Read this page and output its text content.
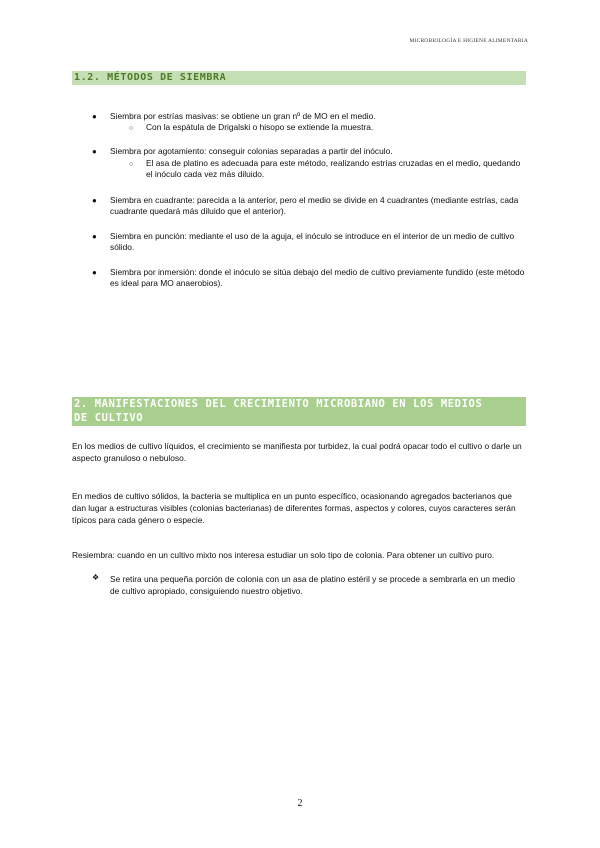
MICROBIOLOGÍA E HIGIENE ALIMENTARIA
1.2. MÉTODOS DE SIEMBRA
● Siembra por estrías masivas: se obtiene un gran nº de MO en el medio.
○ Con la espátula de Drigalski o hisopo se extiende la muestra.
● Siembra por agotamiento: conseguir colonias separadas a partir del inóculo.
○ El asa de platino es adecuada para este método, realizando estrías cruzadas en el medio, quedando el inóculo cada vez más diluido.
● Siembra en cuadrante: parecida a la anterior, pero el medio se divide en 4 cuadrantes (mediante estrías, cada cuadrante quedará más diluido que el anterior).
● Siembra en punción: mediante el uso de la aguja, el inóculo se introduce en el interior de un medio de cultivo sólido.
● Siembra por inmersión: donde el inóculo se sitúa debajo del medio de cultivo previamente fundido (este método es ideal para MO anaerobios).
2. MANIFESTACIONES DEL CRECIMIENTO MICROBIANO EN LOS MEDIOS
DE CULTIVO
En los medios de cultivo líquidos, el crecimiento se manifiesta por turbidez, la cual podrá opacar todo el cultivo o darle un aspecto granuloso o nebuloso.
En medios de cultivo sólidos, la bacteria se multiplica en un punto específico, ocasionando agregados bacterianos que dan lugar a estructuras visibles (colonias bacterianas) de diferentes formas, aspectos y colores, cuyos caracteres serán típicos para cada género o especie.
Resiembra: cuando en un cultivo mixto nos interesa estudiar un solo tipo de colonia. Para obtener un cultivo puro.
❖ Se retira una pequeña porción de colonia con un asa de platino estéril y se procede a sembrarla en un medio de cultivo apropiado, consiguiendo nuestro objetivo.
2
